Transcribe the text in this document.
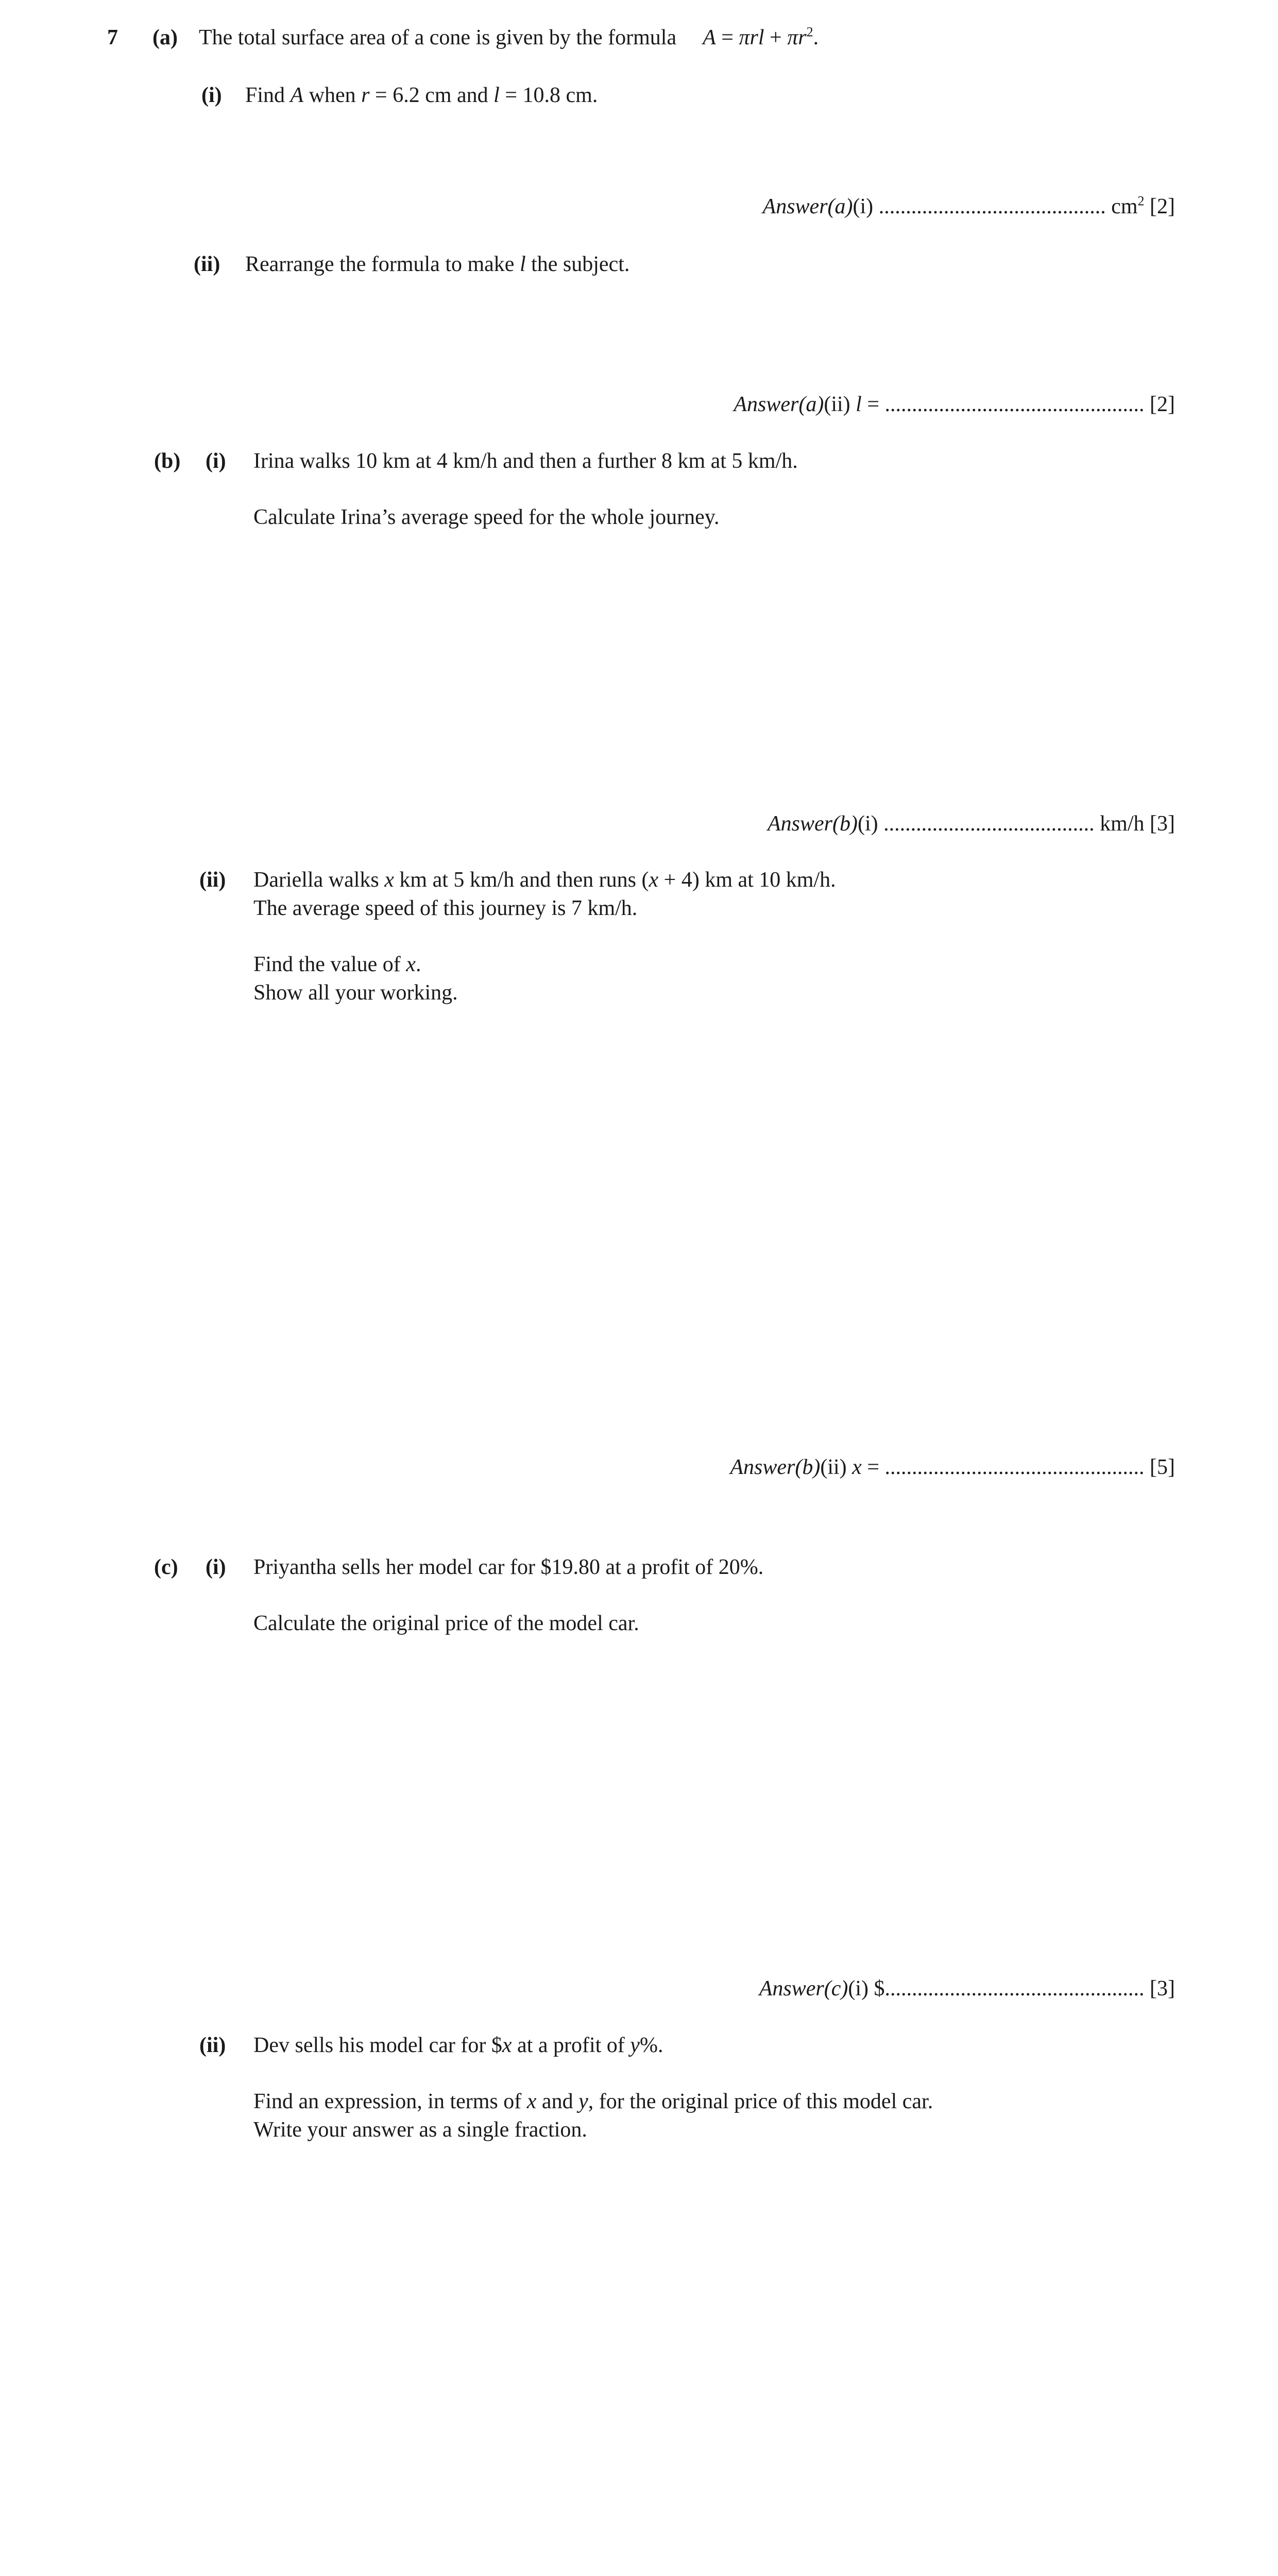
7 (a) The total surface area of a cone is given by the formula $A = \pi rl + \pi r^2$.
(i) Find A when r = 6.2 cm and l = 10.8 cm.
Answer(a)(i) .......................................... $cm^2$ [2]
(ii) Rearrange the formula to make l the subject.
Answer(a)(ii) l = ................................................ [2]
(b) (i) Irina walks 10 km at 4 km/h and then a further 8 km at 5 km/h.
Calculate Irina’s average speed for the whole journey.
Answer(b)(i) ....................................... km/h [3]
(ii) Dariella walks x km at 5 km/h and then runs (x + 4) km at 10 km/h.
The average speed of this journey is 7 km/h.
Find the value of x.
Show all your working.
Answer(b)(ii) x = ................................................ [5]
(c) (i) Priyantha sells her model car for $19.80 at a profit of 20%.
Calculate the original price of the model car.
Answer(c)(i) $................................................ [3]
(ii) Dev sells his model car for $x at a profit of y%.
Find an expression, in terms of x and y, for the original price of this model car.
Write your answer as a single fraction.
